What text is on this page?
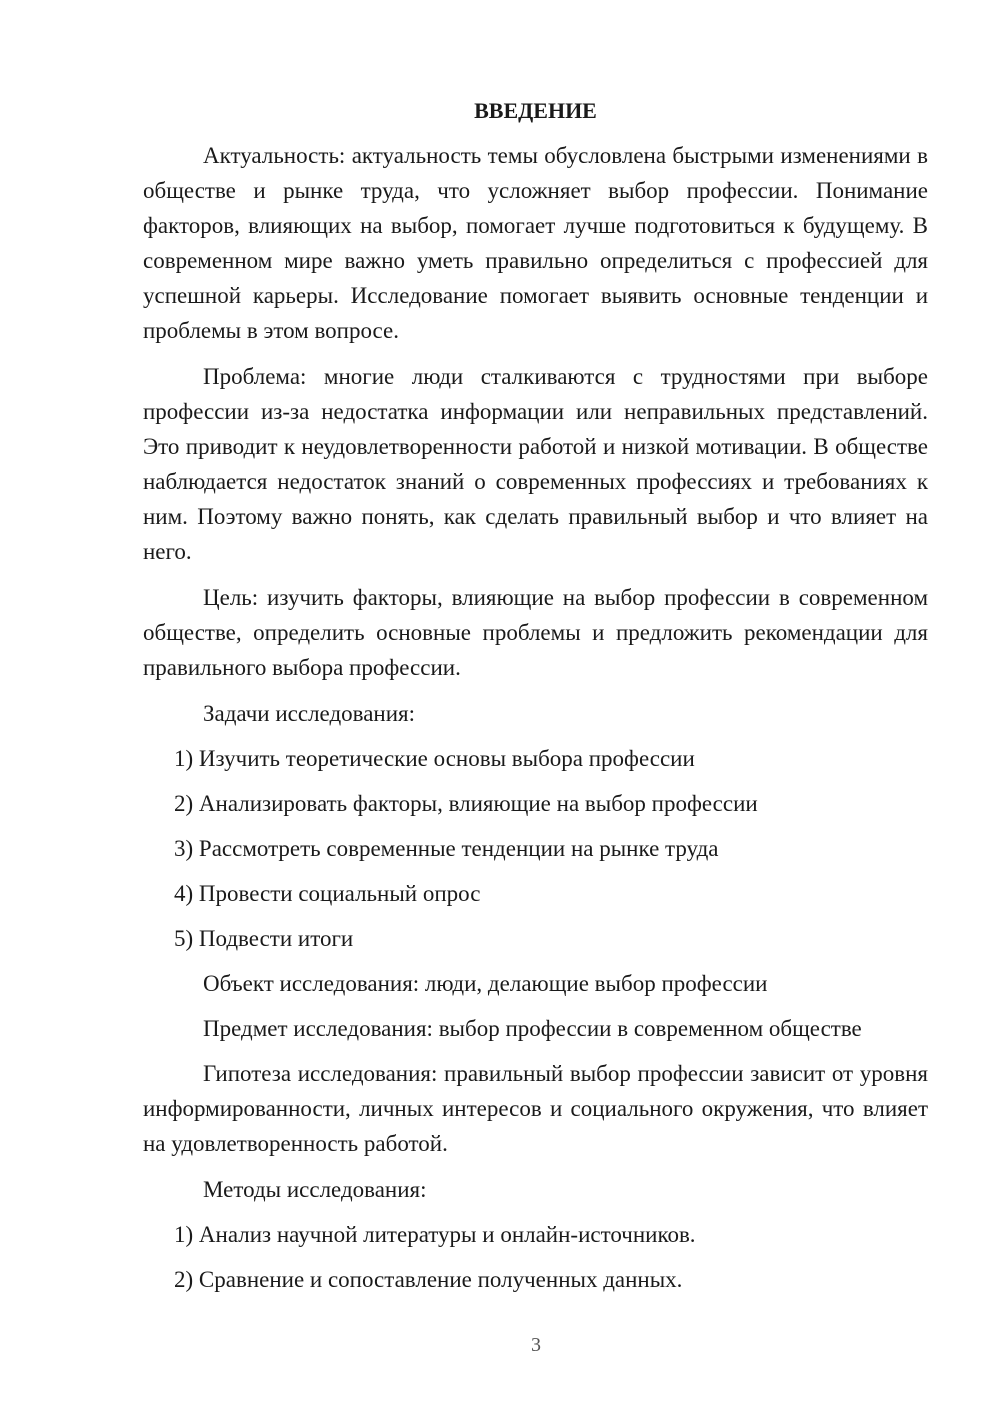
ВВЕДЕНИЕ

Актуальность: актуальность темы обусловлена быстрыми изменениями в обществе и рынке труда, что усложняет выбор профессии. Понимание факторов, влияющих на выбор, помогает лучше подготовиться к будущему. В современном мире важно уметь правильно определиться с профессией для успешной карьеры. Исследование помогает выявить основные тенденции и проблемы в этом вопросе.

Проблема: многие люди сталкиваются с трудностями при выборе профессии из-за недостатка информации или неправильных представлений. Это приводит к неудовлетворенности работой и низкой мотивации. В обществе наблюдается недостаток знаний о современных профессиях и требованиях к ним. Поэтому важно понять, как сделать правильный выбор и что влияет на него.

Цель: изучить факторы, влияющие на выбор профессии в современном обществе, определить основные проблемы и предложить рекомендации для правильного выбора профессии.

Задачи исследования:
1) Изучить теоретические основы выбора профессии
2) Анализировать факторы, влияющие на выбор профессии
3) Рассмотреть современные тенденции на рынке труда
4) Провести социальный опрос
5) Подвести итоги
Объект исследования: люди, делающие выбор профессии
Предмет исследования: выбор профессии в современном обществе

Гипотеза исследования: правильный выбор профессии зависит от уровня информированности, личных интересов и социального окружения, что влияет на удовлетворенность работой.

Методы исследования:
1) Анализ научной литературы и онлайн-источников.
2) Сравнение и сопоставление полученных данных.
3
